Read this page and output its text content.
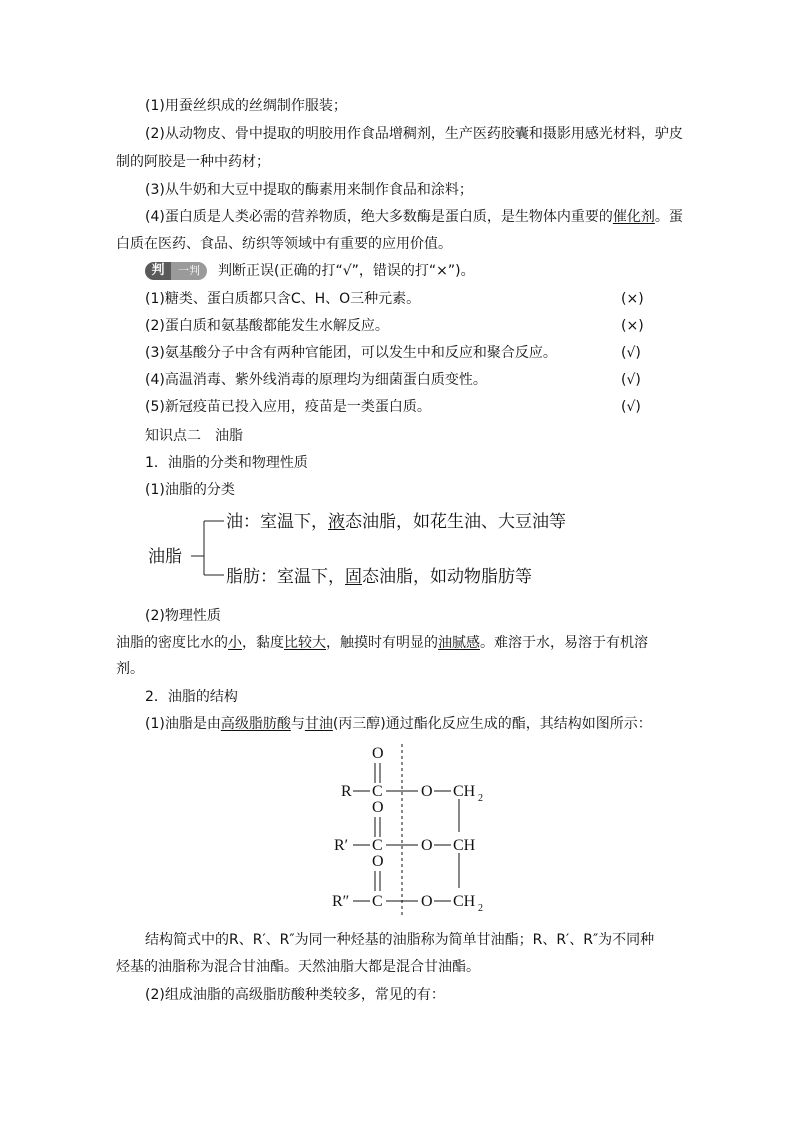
(1)用蚕丝织成的丝绸制作服装；
(2)从动物皮、骨中提取的明胶用作食品增稠剂，生产医药胶囊和摄影用感光材料，驴皮
制的阿胶是一种中药材；
(3)从牛奶和大豆中提取的酶素用来制作食品和涂料；
(4)蛋白质是人类必需的营养物质，绝大多数酶是蛋白质，是生物体内重要的催化剂。蛋
白质在医药、食品、纺织等领域中有重要的应用价值。
判	一判	判断正误(正确的打“√”，错误的打“×”)。
(1)糖类、蛋白质都只含C、H、O三种元素。	(×)
(2)蛋白质和氨基酸都能发生水解反应。	(×)
(3)氨基酸分子中含有两种官能团，可以发生中和反应和聚合反应。	(√)
(4)高温消毒、紫外线消毒的原理均为细菌蛋白质变性。	(√)
(5)新冠疫苗已投入应用，疫苗是一类蛋白质。	(√)
知识点二　油脂
1．油脂的分类和物理性质
(1)油脂的分类
油脂
油：室温下，液态油脂，如花生油、大豆油等
脂肪：室温下，固态油脂，如动物脂肪等
(2)物理性质
油脂的密度比水的小，黏度比较大，触摸时有明显的油腻感。难溶于水，易溶于有机溶
剂。
2．油脂的结构
(1)油脂是由高级脂肪酸与甘油(丙三醇)通过酯化反应生成的酯，其结构如图所示：
O
R C O CH 2
O
R′ C O CH
O
R″ C O CH 2
结构简式中的R、R′、R″为同一种烃基的油脂称为简单甘油酯；R、R′、R″为不同种
烃基的油脂称为混合甘油酯。天然油脂大都是混合甘油酯。
(2)组成油脂的高级脂肪酸种类较多，常见的有：
